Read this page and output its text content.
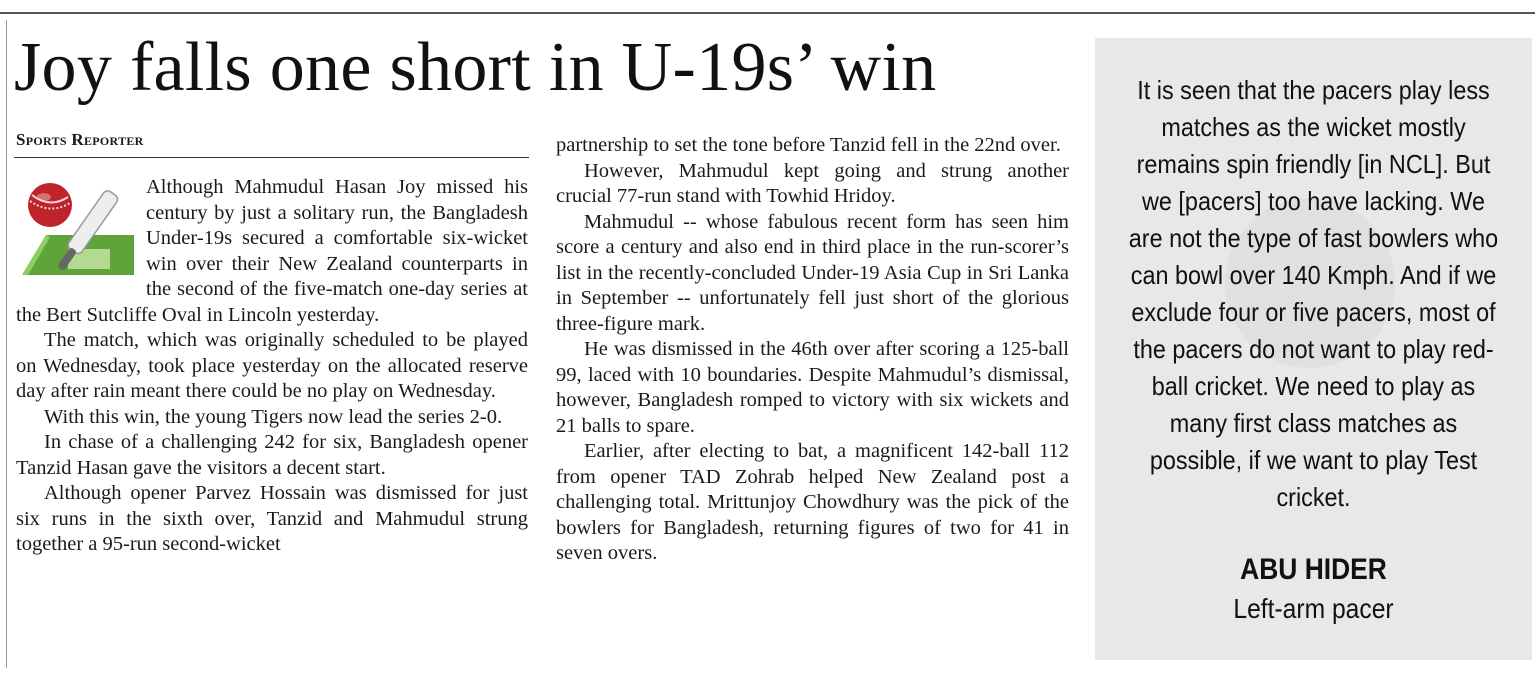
Joy falls one short in U-19s’ win
Sports Reporter

Although Mahmudul Hasan Joy missed his century by just a solitary run, the Bangladesh Under-19s secured a comfortable six-wicket win over their New Zealand counterparts in the second of the five-match one-day series at the Bert Sutcliffe Oval in Lincoln yesterday.

The match, which was originally scheduled to be played on Wednesday, took place yesterday on the allocated reserve day after rain meant there could be no play on Wednesday.

With this win, the young Tigers now lead the series 2-0.

In chase of a challenging 242 for six, Bangladesh opener Tanzid Hasan gave the visitors a decent start.

Although opener Parvez Hossain was dismissed for just six runs in the sixth over, Tanzid and Mahmudul strung together a 95-run second-wicket

partnership to set the tone before Tanzid fell in the 22nd over.

However, Mahmudul kept going and strung another crucial 77-run stand with Towhid Hridoy.

Mahmudul -- whose fabulous recent form has seen him score a century and also end in third place in the run-scorer’s list in the recently-concluded Under-19 Asia Cup in Sri Lanka in September -- unfortunately fell just short of the glorious three-figure mark.

He was dismissed in the 46th over after scoring a 125-ball 99, laced with 10 boundaries. Despite Mahmudul’s dismissal, however, Bangladesh romped to victory with six wickets and 21 balls to spare.

Earlier, after electing to bat, a magnificent 142-ball 112 from opener TAD Zohrab helped New Zealand post a challenging total. Mrittunjoy Chowdhury was the pick of the bowlers for Bangladesh, returning figures of two for 41 in seven overs.

It is seen that the pacers play less matches as the wicket mostly remains spin friendly [in NCL]. But we [pacers] too have lacking. We are not the type of fast bowlers who can bowl over 140 Kmph. And if we exclude four or five pacers, most of the pacers do not want to play red-ball cricket. We need to play as many first class matches as possible, if we want to play Test cricket.
ABU HIDER
Left-arm pacer
